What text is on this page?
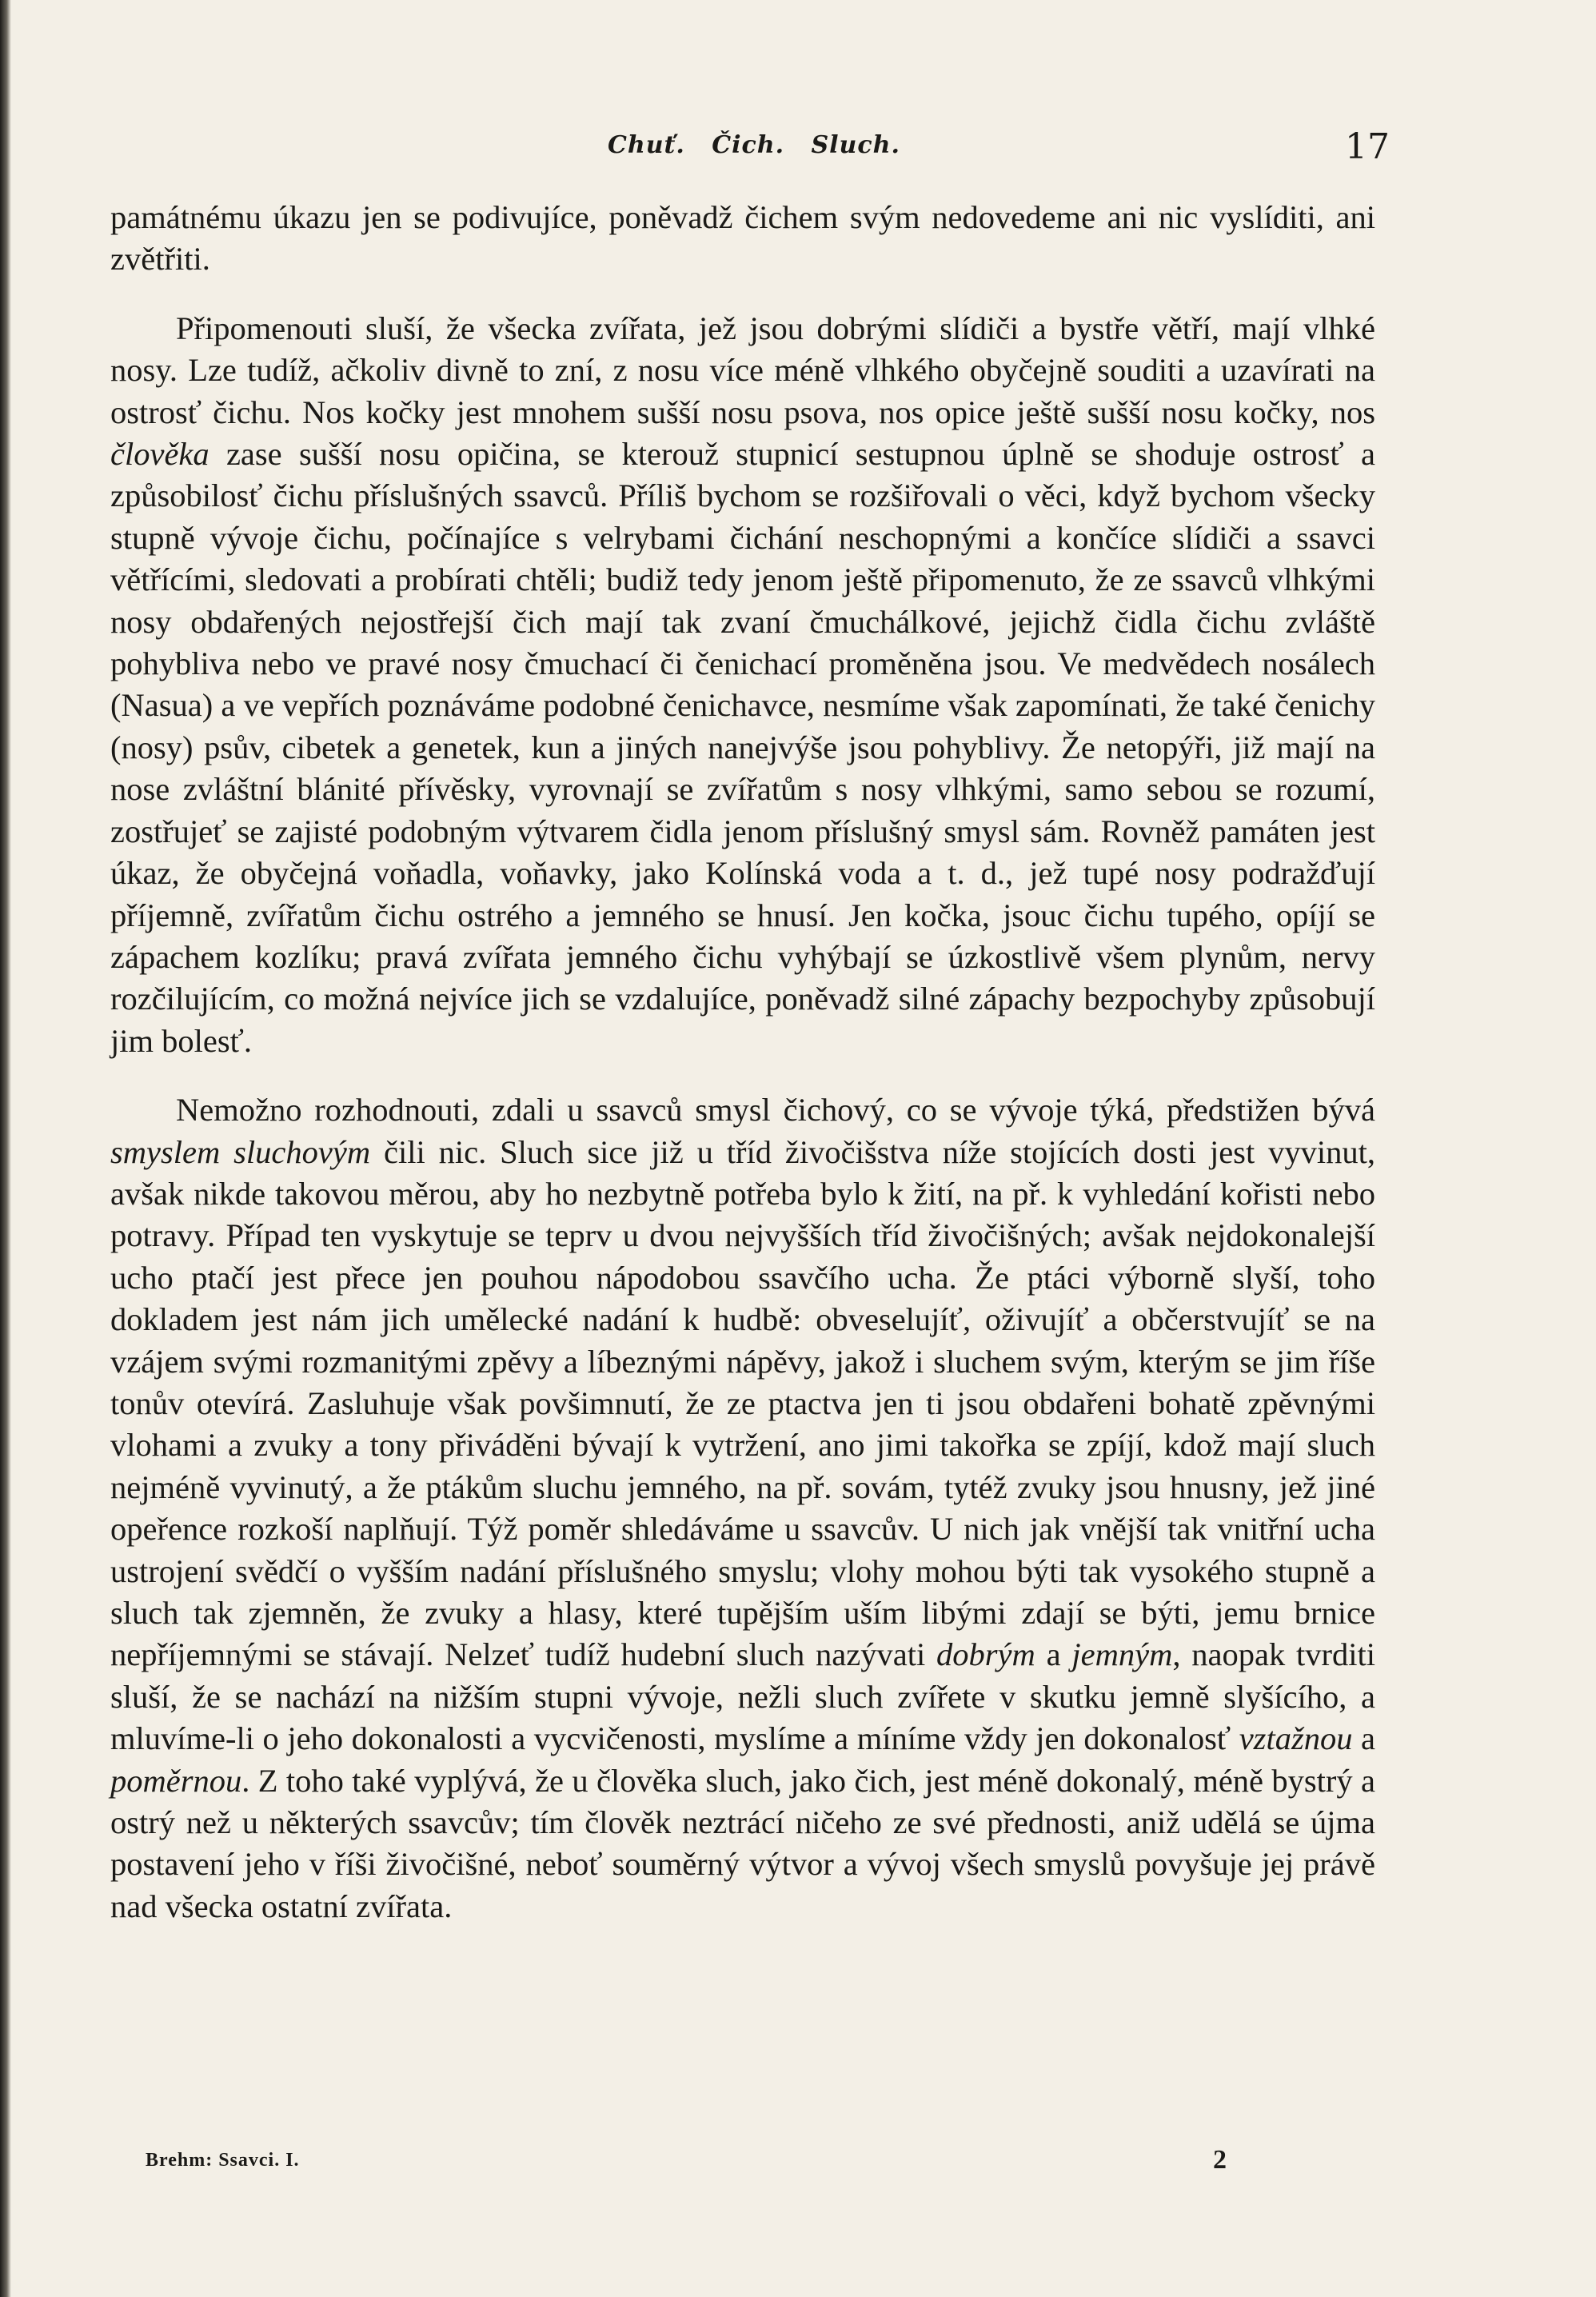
Chuť. Čich. Sluch.	17

památnému úkazu jen se podivujíce, poněvadž čichem svým nedovedeme ani nic vyslíditi, ani zvětřiti.

Připomenouti sluší, že všecka zvířata, jež jsou dobrými slídiči a bystře větří, mají vlhké nosy. Lze tudíž, ačkoliv divně to zní, z nosu více méně vlhkého obyčejně souditi a uzavírati na ostrosť čichu. Nos kočky jest mnohem sušší nosu psova, nos opice ještě sušší nosu kočky, nos člověka zase sušší nosu opičina, se kterouž stupnicí sestupnou úplně se shoduje ostrosť a způsobilosť čichu příslušných ssavců. Příliš bychom se rozšiřovali o věci, když bychom všecky stupně vývoje čichu, počínajíce s velrybami čichání neschopnými a končíce slídiči a ssavci větřícími, sledovati a probírati chtěli; budiž tedy jenom ještě připomenuto, že ze ssavců vlhkými nosy obdařených nejostřejší čich mají tak zvaní čmuchálkové, jejichž čidla čichu zvláště pohybliva nebo ve pravé nosy čmuchací či čenichací proměněna jsou. Ve medvědech nosálech (Nasua) a ve vepřích poznáváme podobné čenichavce, nesmíme však zapomínati, že také čenichy (nosy) psův, cibetek a genetek, kun a jiných nanejvýše jsou pohyblivy. Že netopýři, již mají na nose zvláštní blánité přívěsky, vyrovnají se zvířatům s nosy vlhkými, samo sebou se rozumí, zostřujeť se zajisté podobným výtvarem čidla jenom příslušný smysl sám. Rovněž památen jest úkaz, že obyčejná voňadla, voňavky, jako Kolínská voda a t. d., jež tupé nosy podražďují příjemně, zvířatům čichu ostrého a jemného se hnusí. Jen kočka, jsouc čichu tupého, opíjí se zápachem kozlíku; pravá zvířata jemného čichu vyhýbají se úzkostlivě všem plynům, nervy rozčilujícím, co možná nejvíce jich se vzdalujíce, poněvadž silné zápachy bezpochyby způsobují jim bolesť.

Nemožno rozhodnouti, zdali u ssavců smysl čichový, co se vývoje týká, předstižen bývá smyslem sluchovým čili nic. Sluch sice již u tříd živočišstva níže stojících dosti jest vyvinut, avšak nikde takovou měrou, aby ho nezbytně potřeba bylo k žití, na př. k vyhledání kořisti nebo potravy. Případ ten vyskytuje se teprv u dvou nejvyšších tříd živočišných; avšak nejdokonalejší ucho ptačí jest přece jen pouhou nápodobou ssavčího ucha. Že ptáci výborně slyší, toho dokladem jest nám jich umělecké nadání k hudbě: obveselujíť, oživujíť a občerstvujíť se na vzájem svými rozmanitými zpěvy a líbeznými nápěvy, jakož i sluchem svým, kterým se jim říše tonův otevírá. Zasluhuje však povšimnutí, že ze ptactva jen ti jsou obdařeni bohatě zpěvnými vlohami a zvuky a tony přiváděni bývají k vytržení, ano jimi takořka se zpíjí, kdož mají sluch nejméně vyvinutý, a že ptákům sluchu jemného, na př. sovám, tytéž zvuky jsou hnusny, jež jiné opeřence rozkoší naplňují. Týž poměr shledáváme u ssavcův. U nich jak vnější tak vnitřní ucha ustrojení svědčí o vyšším nadání příslušného smyslu; vlohy mohou býti tak vysokého stupně a sluch tak zjemněn, že zvuky a hlasy, které tupějším uším libými zdají se býti, jemu brnice nepříjemnými se stávají. Nelzeť tudíž hudební sluch nazývati dobrým a jemným, naopak tvrditi sluší, že se nachází na nižším stupni vývoje, nežli sluch zvířete v skutku jemně slyšícího, a mluvíme-li o jeho dokonalosti a vycvičenosti, myslíme a míníme vždy jen dokonalosť vztažnou a poměrnou. Z toho také vyplývá, že u člověka sluch, jako čich, jest méně dokonalý, méně bystrý a ostrý než u některých ssavcův; tím člověk neztrácí ničeho ze své přednosti, aniž udělá se újma postavení jeho v říši živočišné, neboť souměrný výtvor a vývoj všech smyslů povyšuje jej právě nad všecka ostatní zvířata.

Brehm: Ssavci. I.	2
